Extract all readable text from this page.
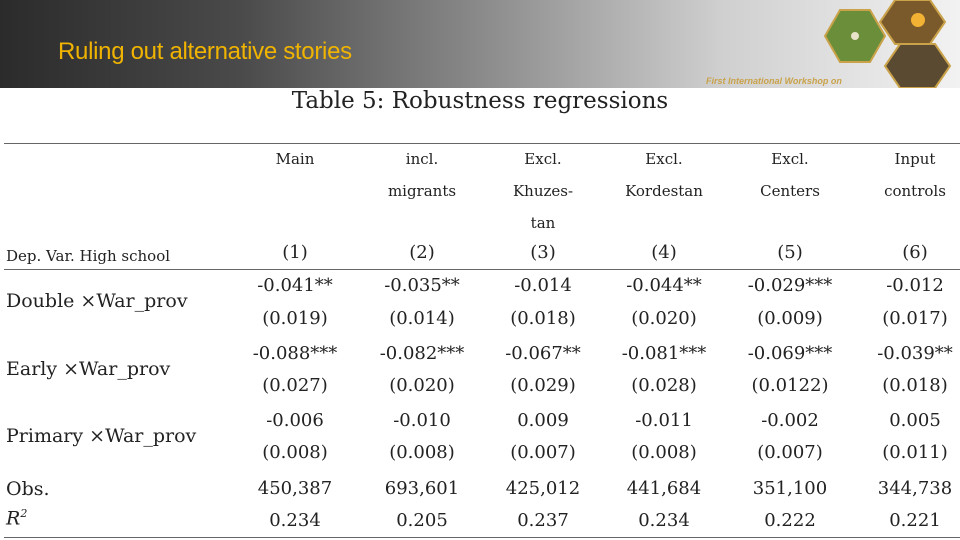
Ruling out alternative stories
First International Workshop on
Table 5: Robustness regressions
Dep. Var. High school
Double ×War_prov
Early ×War_prov
Primary ×War_prov
Obs.
$R^2$
Main
(1)
incl.
migrants
(2)
Excl.
Khuzes-
tan
(3)
Excl.
Kordestan
(4)
Excl.
Centers
(5)
Input
controls
(6)
-0.041**
(0.019)
-0.035**
(0.014)
-0.014
(0.018)
-0.044**
(0.020)
-0.029***
(0.009)
-0.012
(0.017)
-0.088***
(0.027)
-0.082***
(0.020)
-0.067**
(0.029)
-0.081***
(0.028)
-0.069***
(0.0122)
-0.039**
(0.018)
-0.006
(0.008)
-0.010
(0.008)
0.009
(0.007)
-0.011
(0.008)
-0.002
(0.007)
0.005
(0.011)
450,387
0.234
693,601
0.205
425,012
0.237
441,684
0.234
351,100
0.222
344,738
0.221
